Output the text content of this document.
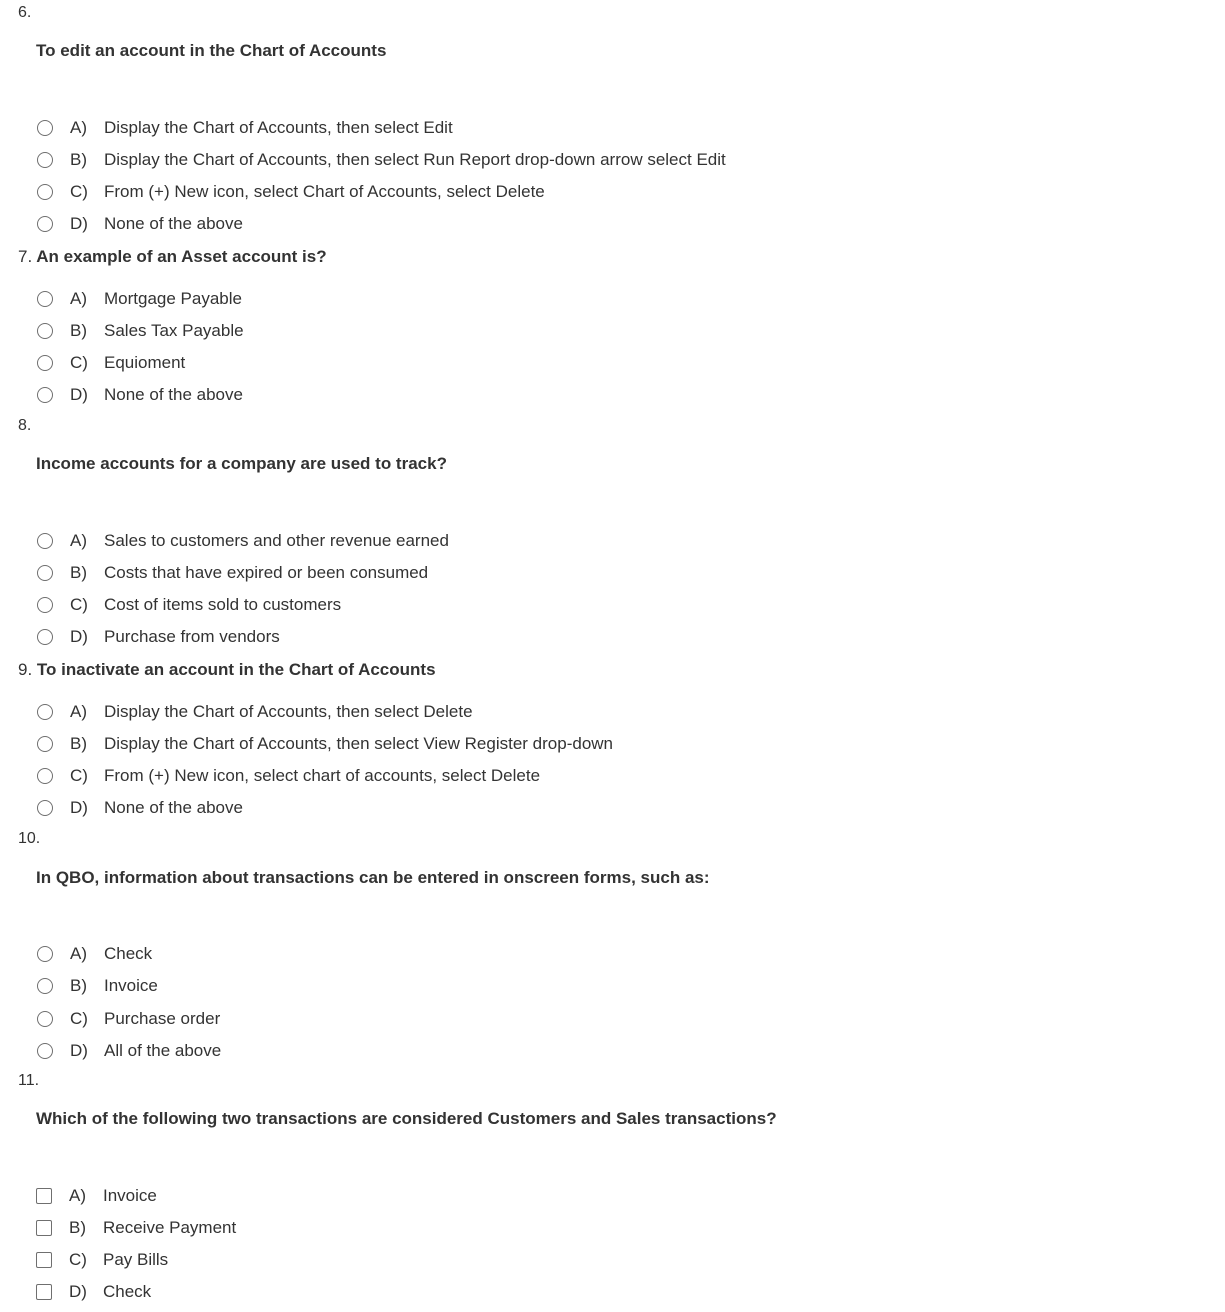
6.
To edit an account in the Chart of Accounts
A)	Display the Chart of Accounts, then select Edit
B)	Display the Chart of Accounts, then select Run Report drop-down arrow select Edit
C) From (+) New icon, select Chart of Accounts, select Delete
D) None of the above
7. An example of an Asset account is?
A)	Mortgage Payable
B)	Sales Tax Payable
C) Equioment
D) None of the above
8.
Income accounts for a company are used to track?
A)	Sales to customers and other revenue earned
B)	Costs that have expired or been consumed
C) Cost of items sold to customers
D) Purchase from vendors
9. To inactivate an account in the Chart of Accounts
A)	Display the Chart of Accounts, then select Delete
B)	Display the Chart of Accounts, then select View Register drop-down
C) From (+) New icon, select chart of accounts, select Delete
D) None of the above
10.
In QBO, information about transactions can be entered in onscreen forms, such as:
A)	Check
B)	Invoice
C) Purchase order
D) All of the above
11.
Which of the following two transactions are considered Customers and Sales transactions?
A)	Invoice
B)	Receive Payment
C) Pay Bills
D) Check
